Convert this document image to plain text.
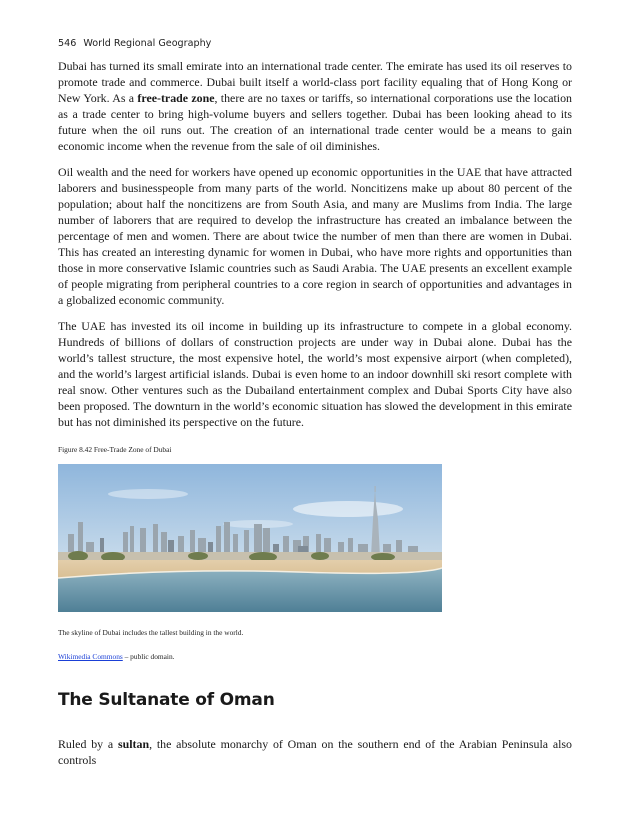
546 World Regional Geography

Dubai has turned its small emirate into an international trade center. The emirate has used its oil reserves to promote trade and commerce. Dubai built itself a world-class port facility equaling that of Hong Kong or New York. As a free-trade zone, there are no taxes or tariffs, so international corporations use the location as a trade center to bring high-volume buyers and sellers together. Dubai has been looking ahead to its future when the oil runs out. The creation of an international trade center would be a means to gain economic income when the revenue from the sale of oil diminishes.

Oil wealth and the need for workers have opened up economic opportunities in the UAE that have attracted laborers and businesspeople from many parts of the world. Noncitizens make up about 80 percent of the population; about half the noncitizens are from South Asia, and many are Muslims from India. The large number of laborers that are required to develop the infrastructure has created an imbalance between the percentage of men and women. There are about twice the number of men than there are women in Dubai. This has created an interesting dynamic for women in Dubai, who have more rights and opportunities than those in more conservative Islamic countries such as Saudi Arabia. The UAE presents an excellent example of people migrating from peripheral countries to a core region in search of opportunities and advantages in a globalized economic community.

The UAE has invested its oil income in building up its infrastructure to compete in a global economy. Hundreds of billions of dollars of construction projects are under way in Dubai alone. Dubai has the world’s tallest structure, the most expensive hotel, the world’s most expensive airport (when completed), and the world’s largest artificial islands. Dubai is even home to an indoor downhill ski resort complete with real snow. Other ventures such as the Dubailand entertainment complex and Dubai Sports City have also been proposed. The downturn in the world’s economic situation has slowed the development in this emirate but has not diminished its perspective on the future.

Figure 8.42 Free-Trade Zone of Dubai
The skyline of Dubai includes the tallest building in the world.
Wikimedia Commons – public domain.
The Sultanate of Oman

Ruled by a sultan, the absolute monarchy of Oman on the southern end of the Arabian Peninsula also controls
